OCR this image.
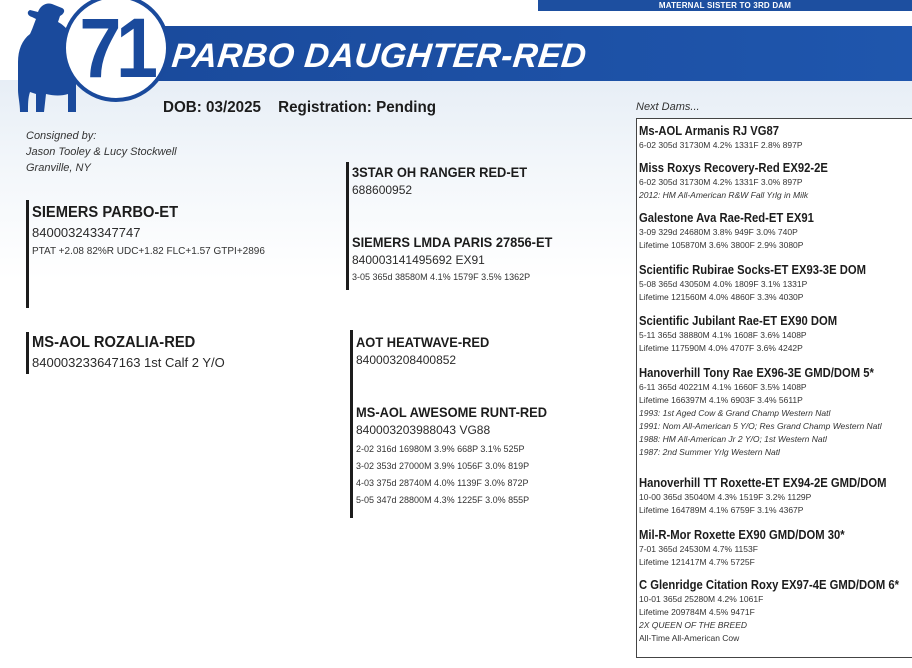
MATERNAL SISTER TO 3RD DAM
71 PARBO DAUGHTER-RED
DOB: 03/2025 Registration: Pending
Consigned by:
Jason Tooley & Lucy Stockwell
Granville, NY
SIEMERS PARBO-ET
840003243347747
PTAT +2.08 82%R UDC+1.82 FLC+1.57 GTPI+2896
MS-AOL ROZALIA-RED
840003233647163 1st Calf 2 Y/O
3STAR OH RANGER RED-ET
688600952
SIEMERS LMDA PARIS 27856-ET
840003141495692 EX91
3-05 365d 38580M 4.1% 1579F 3.5% 1362P
AOT HEATWAVE-RED
840003208400852
MS-AOL AWESOME RUNT-RED
840003203988043 VG88
2-02 316d 16980M 3.9% 668P 3.1% 525P
3-02 353d 27000M 3.9% 1056F 3.0% 819P
4-03 375d 28740M 4.0% 1139F 3.0% 872P
5-05 347d 28800M 4.3% 1225F 3.0% 855P
Next Dams...
Ms-AOL Armanis RJ VG87
6-02 305d 31730M 4.2% 1331F 2.8% 897P
Miss Roxys Recovery-Red EX92-2E
6-02 305d 31730M 4.2% 1331F 3.0% 897P
2012: HM All-American R&W Fall Yrlg in Milk
Galestone Ava Rae-Red-ET EX91
3-09 329d 24680M 3.8% 949F 3.0% 740P
Lifetime 105870M 3.6% 3800F 2.9% 3080P
Scientific Rubirae Socks-ET EX93-3E DOM
5-08 365d 43050M 4.0% 1809F 3.1% 1331P
Lifetime 121560M 4.0% 4860F 3.3% 4030P
Scientific Jubilant Rae-ET EX90 DOM
5-11 365d 38880M 4.1% 1608F 3.6% 1408P
Lifetime 117590M 4.0% 4707F 3.6% 4242P
Hanoverhill Tony Rae EX96-3E GMD/DOM 5*
6-11 365d 40221M 4.1% 1660F 3.5% 1408P
Lifetime 166397M 4.1% 6903F 3.4% 5611P
1993: 1st Aged Cow & Grand Champ Western Natl
1991: Nom All-American 5 Y/O; Res Grand Champ Western Natl
1988: HM All-American Jr 2 Y/O; 1st Western Natl
1987: 2nd Summer Yrlg Western Natl
Hanoverhill TT Roxette-ET EX94-2E GMD/DOM
10-00 365d 35040M 4.3% 1519F 3.2% 1129P
Lifetime 164789M 4.1% 6759F 3.1% 4367P
Mil-R-Mor Roxette EX90 GMD/DOM 30*
7-01 365d 24530M 4.7% 1153F
Lifetime 121417M 4.7% 5725F
C Glenridge Citation Roxy EX97-4E GMD/DOM 6*
10-01 365d 25280M 4.2% 1061F
Lifetime 209784M 4.5% 9471F
2X QUEEN OF THE BREED
All-Time All-American Cow
